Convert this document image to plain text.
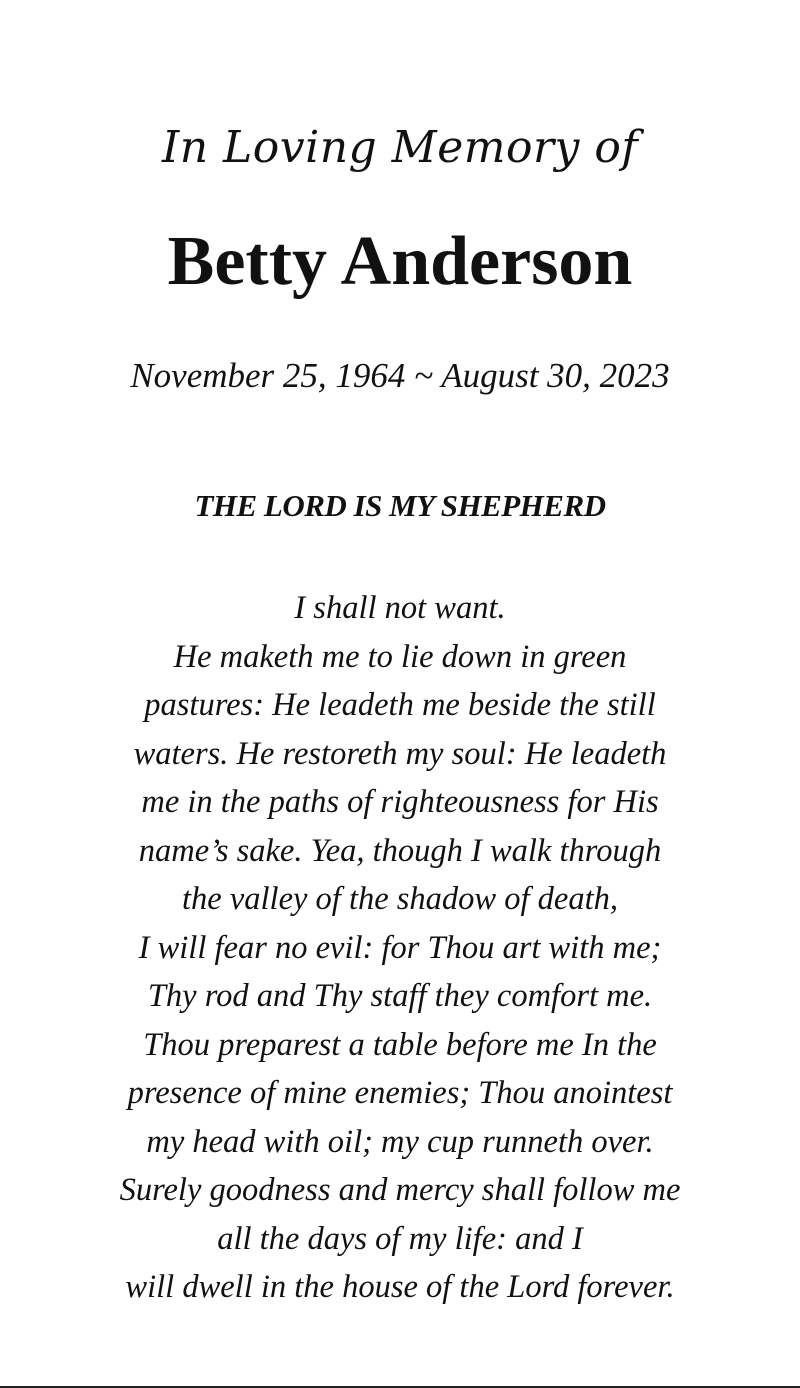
In Loving Memory of
Betty Anderson
November 25, 1964 ~ August 30, 2023
THE LORD IS MY SHEPHERD
I shall not want.
He maketh me to lie down in green
pastures: He leadeth me beside the still
waters. He restoreth my soul: He leadeth
me in the paths of righteousness for His
name’s sake. Yea, though I walk through
the valley of the shadow of death,
I will fear no evil: for Thou art with me;
Thy rod and Thy staff they comfort me.
Thou preparest a table before me In the
presence of mine enemies; Thou anointest
my head with oil; my cup runneth over.
Surely goodness and mercy shall follow me
all the days of my life: and I
will dwell in the house of the Lord forever.
